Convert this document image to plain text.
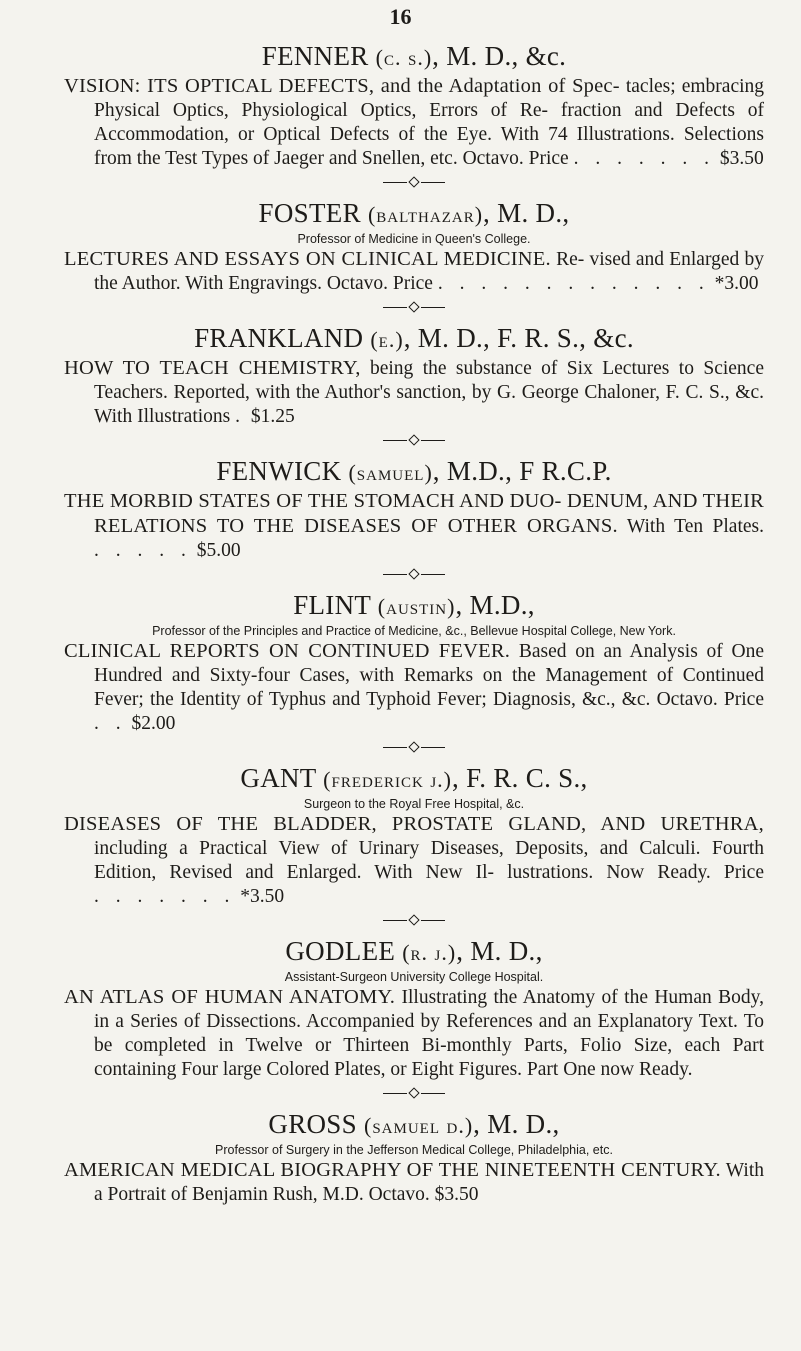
16

FENNER (c. s.), M. D., &c.

VISION: ITS OPTICAL DEFECTS, and the Adaptation of Spec- tacles; embracing Physical Optics, Physiological Optics, Errors of Re- fraction and Defects of Accommodation, or Optical Defects of the Eye. With 74 Illustrations. Selections from the Test Types of Jaeger and Snellen, etc. Octavo. Price . . . . . . . $3.50

FOSTER (balthazar), M. D.,

Professor of Medicine in Queen's College.

LECTURES AND ESSAYS ON CLINICAL MEDICINE. Re- vised and Enlarged by the Author. With Engravings. Octavo. Price . . . . . . . . . . . . . *3.00

FRANKLAND (e.), M. D., F. R. S., &c.

HOW TO TEACH CHEMISTRY, being the substance of Six Lectures to Science Teachers. Reported, with the Author's sanction, by G. George Chaloner, F. C. S., &c. With Illustrations . $1.25

FENWICK (samuel), M.D., F R.C.P.

THE MORBID STATES OF THE STOMACH AND DUO- DENUM, AND THEIR RELATIONS TO THE DISEASES OF OTHER ORGANS. With Ten Plates. . . . . . $5.00

FLINT (austin), M.D.,

Professor of the Principles and Practice of Medicine, &c., Bellevue Hospital College, New York.

CLINICAL REPORTS ON CONTINUED FEVER. Based on an Analysis of One Hundred and Sixty-four Cases, with Remarks on the Management of Continued Fever; the Identity of Typhus and Typhoid Fever; Diagnosis, &c., &c. Octavo. Price . . $2.00

GANT (frederick j.), F. R. C. S.,

Surgeon to the Royal Free Hospital, &c.

DISEASES OF THE BLADDER, PROSTATE GLAND, AND URETHRA, including a Practical View of Urinary Diseases, Deposits, and Calculi. Fourth Edition, Revised and Enlarged. With New Il- lustrations. Now Ready. Price . . . . . . . *3.50

GODLEE (r. j.), M. D.,

Assistant-Surgeon University College Hospital.

AN ATLAS OF HUMAN ANATOMY. Illustrating the Anatomy of the Human Body, in a Series of Dissections. Accompanied by References and an Explanatory Text. To be completed in Twelve or Thirteen Bi-monthly Parts, Folio Size, each Part containing Four large Colored Plates, or Eight Figures. Part One now Ready.

GROSS (samuel d.), M. D.,

Professor of Surgery in the Jefferson Medical College, Philadelphia, etc.

AMERICAN MEDICAL BIOGRAPHY OF THE NINETEENTH CENTURY. With a Portrait of Benjamin Rush, M.D. Octavo. $3.50
